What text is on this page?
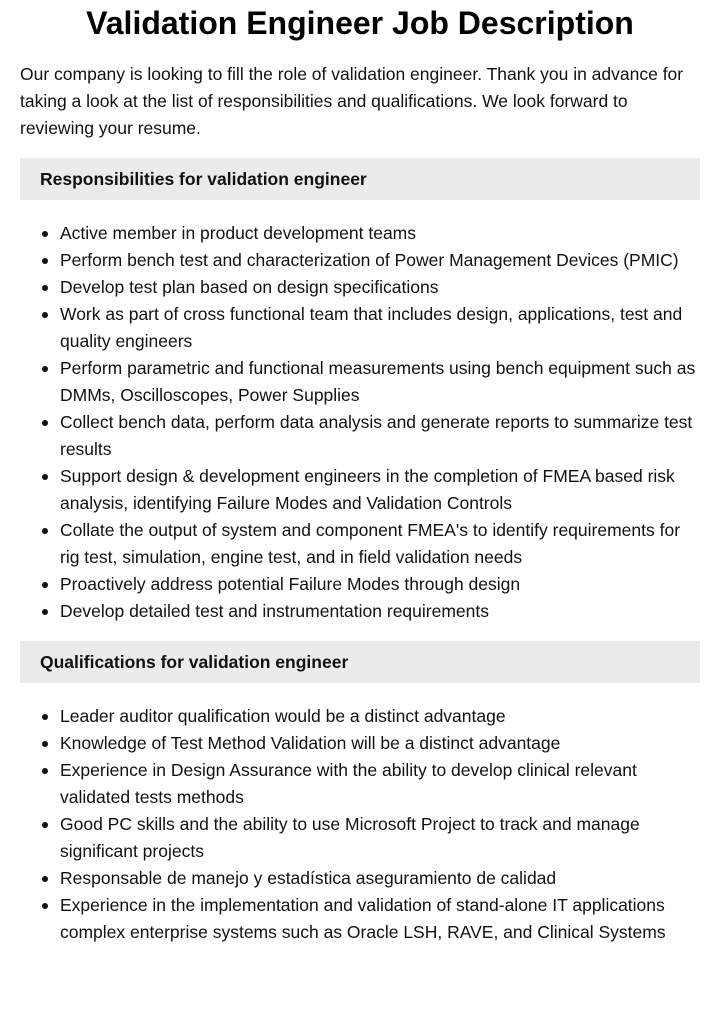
Validation Engineer Job Description

Our company is looking to fill the role of validation engineer. Thank you in advance for taking a look at the list of responsibilities and qualifications. We look forward to reviewing your resume.

Responsibilities for validation engineer
Active member in product development teams
Perform bench test and characterization of Power Management Devices (PMIC)
Develop test plan based on design specifications
Work as part of cross functional team that includes design, applications, test and quality engineers
Perform parametric and functional measurements using bench equipment such as DMMs, Oscilloscopes, Power Supplies
Collect bench data, perform data analysis and generate reports to summarize test results
Support design & development engineers in the completion of FMEA based risk analysis, identifying Failure Modes and Validation Controls
Collate the output of system and component FMEA's to identify requirements for rig test, simulation, engine test, and in field validation needs
Proactively address potential Failure Modes through design
Develop detailed test and instrumentation requirements
Qualifications for validation engineer
Leader auditor qualification would be a distinct advantage
Knowledge of Test Method Validation will be a distinct advantage
Experience in Design Assurance with the ability to develop clinical relevant validated tests methods
Good PC skills and the ability to use Microsoft Project to track and manage significant projects
Responsable de manejo y estadística aseguramiento de calidad
Experience in the implementation and validation of stand-alone IT applications complex enterprise systems such as Oracle LSH, RAVE, and Clinical Systems
